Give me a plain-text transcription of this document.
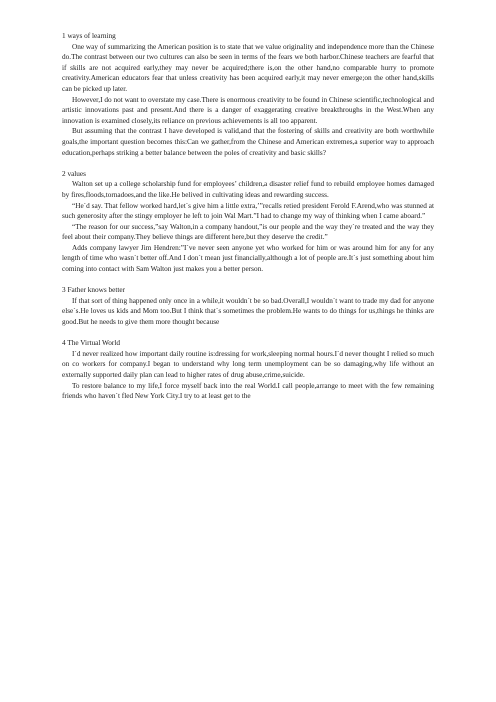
1 ways of learning

One way of summarizing the American position is to state that we value originality and independence more than the Chinese do.The contrast between our two cultures can also be seen in terms of the fears we both harbor.Chinese teachers are fearful that if skills are not acquired early,they may never be acquired;there is,on the other hand,no comparable hurry to promote creativity.American educators fear that unless creativity has been acquired early,it may never emerge;on the other hand,skills can be picked up later.

However,I do not want to overstate my case.There is enormous creativity to be found in Chinese scientific,technological and artistic innovations past and present.And there is a danger of exaggerating creative breakthroughs in the West.When any innovation is examined closely,its reliance on previous achievements is all too apparent.

But assuming that the contrast I have developed is valid,and that the fostering of skills and creativity are both worthwhile goals,the important question becomes this:Can we gather,from the Chinese and American extremes,a superior way to approach education,perhaps striking a better balance between the poles of creativity and basic skills?

2 values

Walton set up a college scholarship fund for employees’ children,a disaster relief fund to rebuild employee homes damaged by fires,floods,tornadoes,and the like.He belived in cultivating ideas and rewarding success.

“He`d say. That fellow worked hard,let`s give him a little extra,’”recalls retied president Ferold F.Arend,who was stunned at such generosity after the stingy employer he left to join Wal Mart.”I had to change my way of thinking when I came aboard.”

“The reason for our success,”say Walton,in a company handout,”is our people and the way they`re treated and the way they feel about their company.They believe things are different here,but they deserve the credit.”

Adds company lawyer Jim Hendren:”I`ve never seen anyone yet who worked for him or was around him for any for any length of time who wasn`t better off.And I don`t mean just financially,although a lot of people are.It`s just something about him coming into contact with Sam Walton just makes you a better person.

3 Father knows better

If that sort of thing happened only once in a while,it wouldn`t be so bad.Overall,I wouldn`t want to trade my dad for anyone else`s.He loves us kids and Mom too.But I think that`s sometimes the problem.He wants to do things for us,things he thinks are good.But he needs to give them more thought because

4 The Virtual World

I`d never realized how important daily routine is:dressing for work,sleeping normal hours.I`d never thought I relied so much on co workers for company.I began to understand why long term unemployment can be so damaging,why life without an externally supported daily plan can lead to higher rates of drug abuse,crime,suicide.

To restore balance to my life,I force myself back into the real World.I call people,arrange to meet with the few remaining friends who haven`t fled New York City.I try to at least get to the
